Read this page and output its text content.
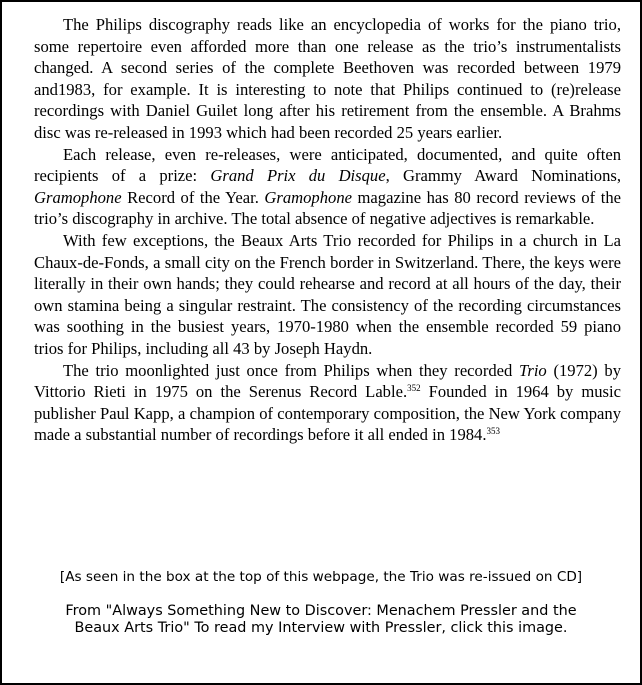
The Philips discography reads like an encyclopedia of works for the piano trio, some repertoire even afforded more than one release as the trio’s instrumentalists changed. A second series of the complete Beethoven was recorded between 1979 and1983, for example. It is interesting to note that Philips continued to (re)release recordings with Daniel Guilet long after his retirement from the ensemble. A Brahms disc was re-released in 1993 which had been recorded 25 years earlier.

Each release, even re-releases, were anticipated, documented, and quite often recipients of a prize: Grand Prix du Disque, Grammy Award Nominations, Gramophone Record of the Year. Gramophone magazine has 80 record reviews of the trio’s discography in archive. The total absence of negative adjectives is remarkable.

With few exceptions, the Beaux Arts Trio recorded for Philips in a church in La Chaux-de-Fonds, a small city on the French border in Switzerland. There, the keys were literally in their own hands; they could rehearse and record at all hours of the day, their own stamina being a singular restraint. The consistency of the recording circumstances was soothing in the busiest years, 1970-1980 when the ensemble recorded 59 piano trios for Philips, including all 43 by Joseph Haydn.

The trio moonlighted just once from Philips when they recorded Trio (1972) by Vittorio Rieti in 1975 on the Serenus Record Lable.$^{352}$ Founded in 1964 by music publisher Paul Kapp, a champion of contemporary composition, the New York company made a substantial number of recordings before it all ended in 1984.$^{353}$

[As seen in the box at the top of this webpage, the Trio was re-issued on CD]
From "Always Something New to Discover: Menachem Pressler and the
Beaux Arts Trio" To read my Interview with Pressler, click this image.
